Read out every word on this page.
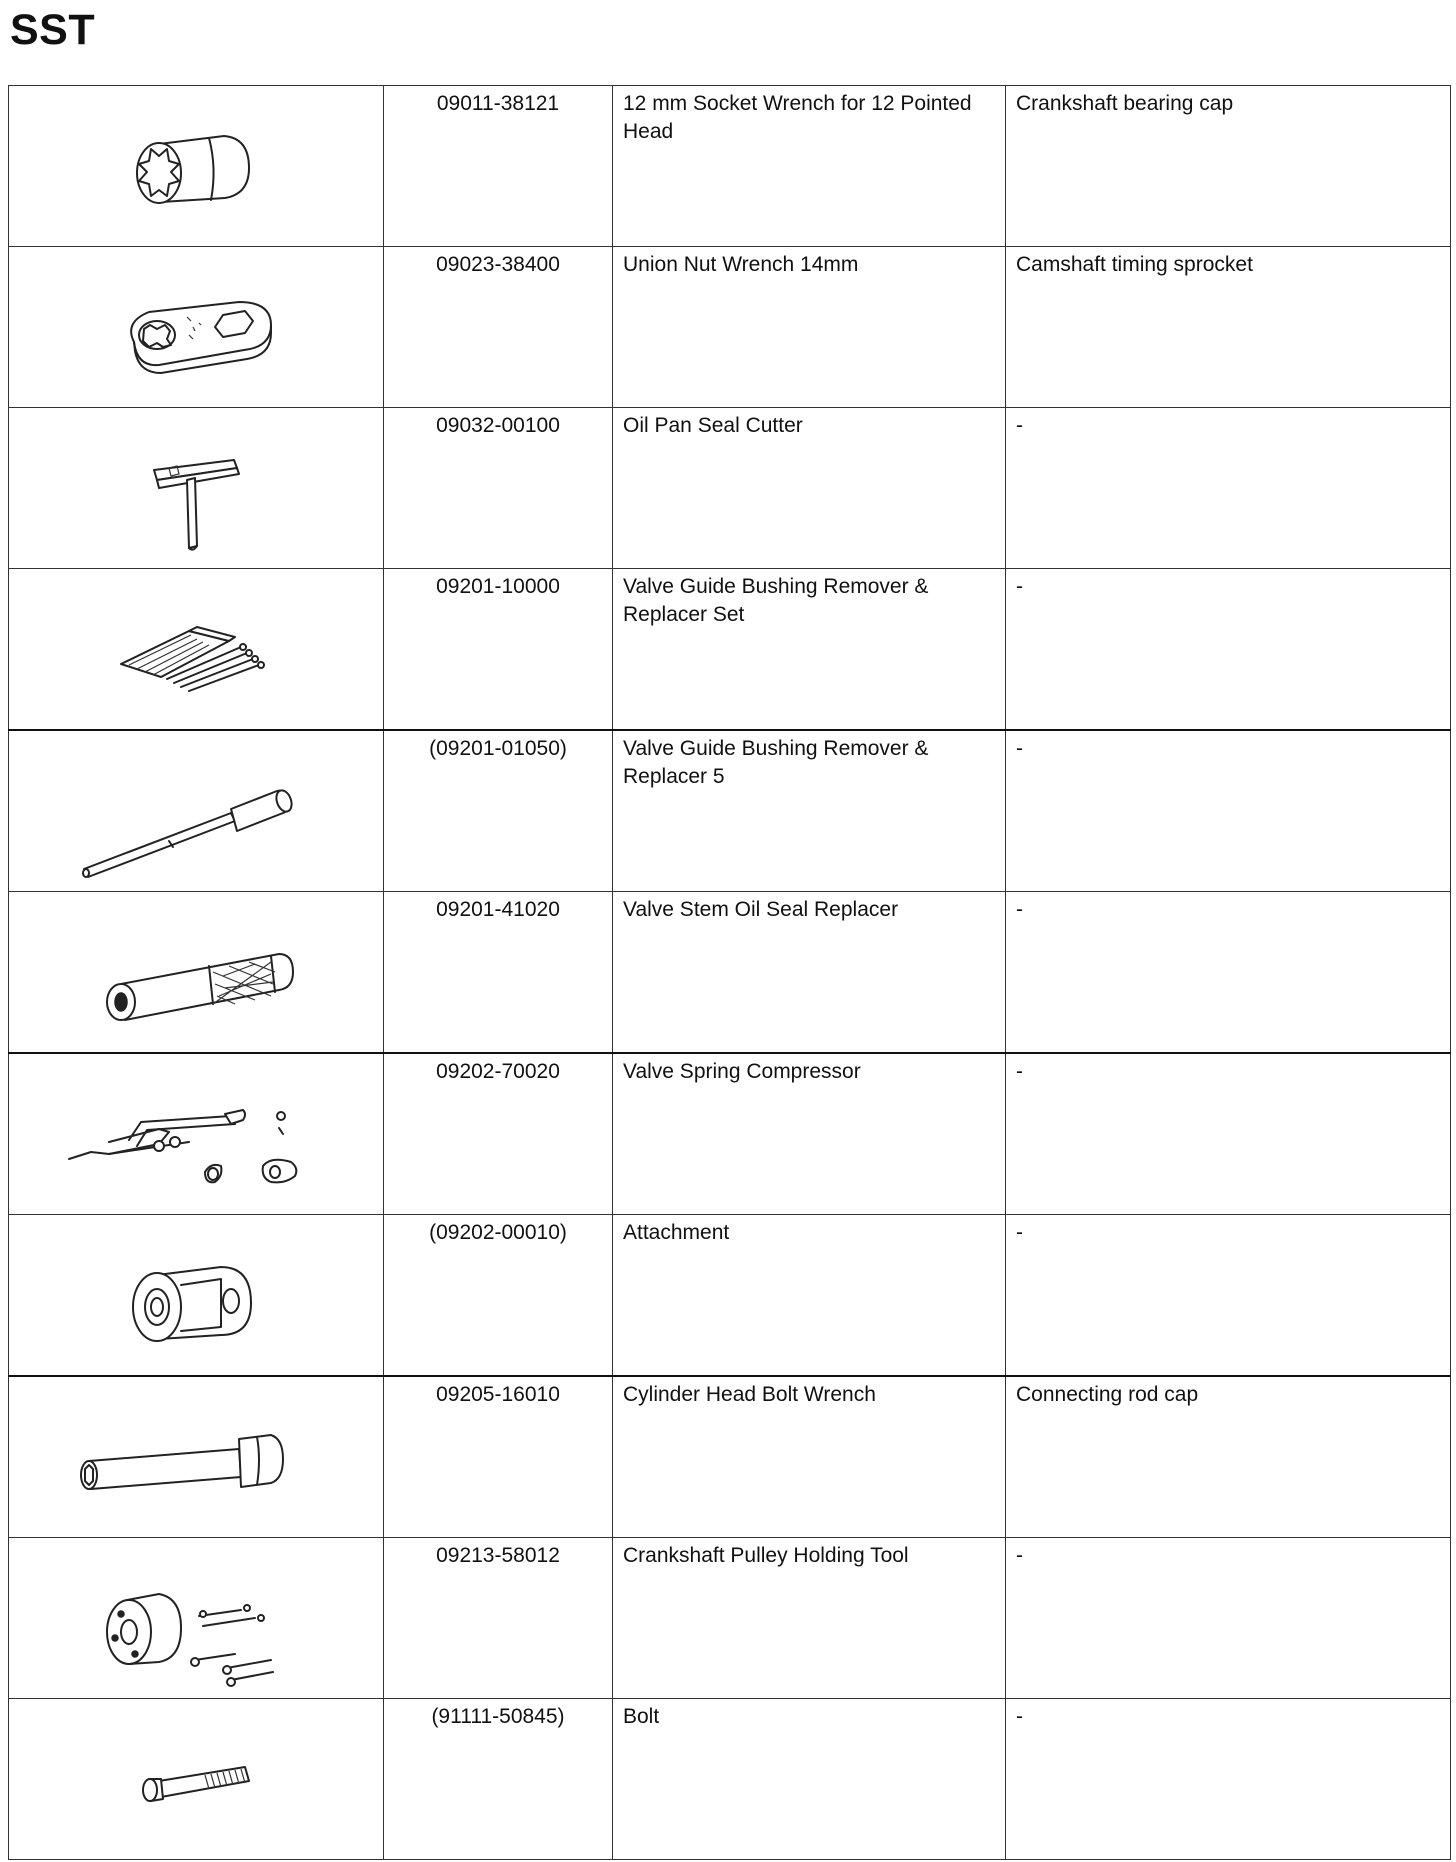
SST

09011-38121	12 mm Socket Wrench for 12 Pointed Head	Crankshaft bearing cap

09023-38400	Union Nut Wrench 14mm	Camshaft timing sprocket

09032-00100	Oil Pan Seal Cutter	-

09201-10000	Valve Guide Bushing Remover & Replacer Set	-

(09201-01050)	Valve Guide Bushing Remover & Replacer 5	-

09201-41020	Valve Stem Oil Seal Replacer	-

09202-70020	Valve Spring Compressor	-

(09202-00010)	Attachment	-

09205-16010	Cylinder Head Bolt Wrench	Connecting rod cap

09213-58012	Crankshaft Pulley Holding Tool	-

(91111-50845)	Bolt	-
